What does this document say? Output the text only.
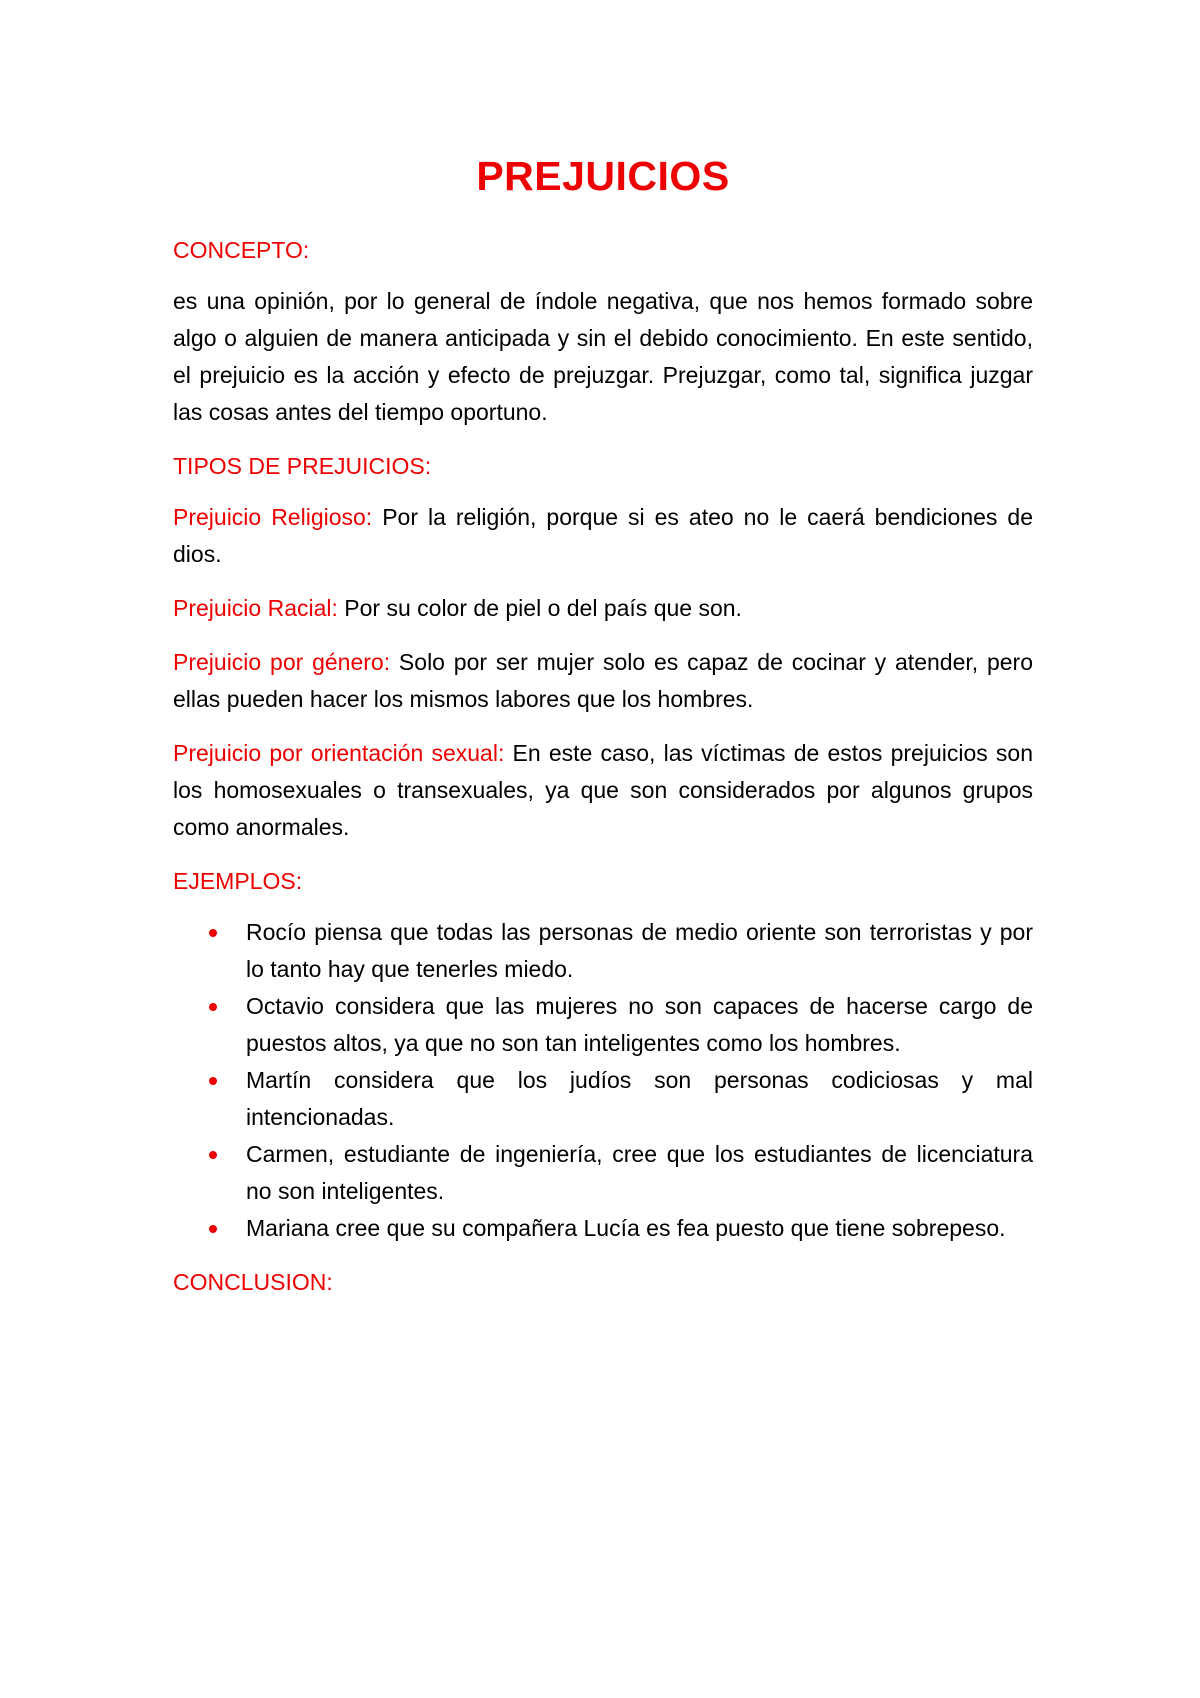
PREJUICIOS
CONCEPTO:

es una opinión, por lo general de índole negativa, que nos hemos formado sobre algo o alguien de manera anticipada y sin el debido conocimiento. En este sentido, el prejuicio es la acción y efecto de prejuzgar. Prejuzgar, como tal, significa juzgar las cosas antes del tiempo oportuno.

TIPOS DE PREJUICIOS:

Prejuicio Religioso: Por la religión, porque si es ateo no le caerá bendiciones de dios.

Prejuicio Racial: Por su color de piel o del país que son.

Prejuicio por género: Solo por ser mujer solo es capaz de cocinar y atender, pero ellas pueden hacer los mismos labores que los hombres.

Prejuicio por orientación sexual: En este caso, las víctimas de estos prejuicios son los homosexuales o transexuales, ya que son considerados por algunos grupos como anormales.

EJEMPLOS:
Rocío piensa que todas las personas de medio oriente son terroristas y por lo tanto hay que tenerles miedo.
Octavio considera que las mujeres no son capaces de hacerse cargo de puestos altos, ya que no son tan inteligentes como los hombres.
Martín considera que los judíos son personas codiciosas y mal intencionadas.
Carmen, estudiante de ingeniería, cree que los estudiantes de licenciatura no son inteligentes.
Mariana cree que su compañera Lucía es fea puesto que tiene sobrepeso.
CONCLUSION:
